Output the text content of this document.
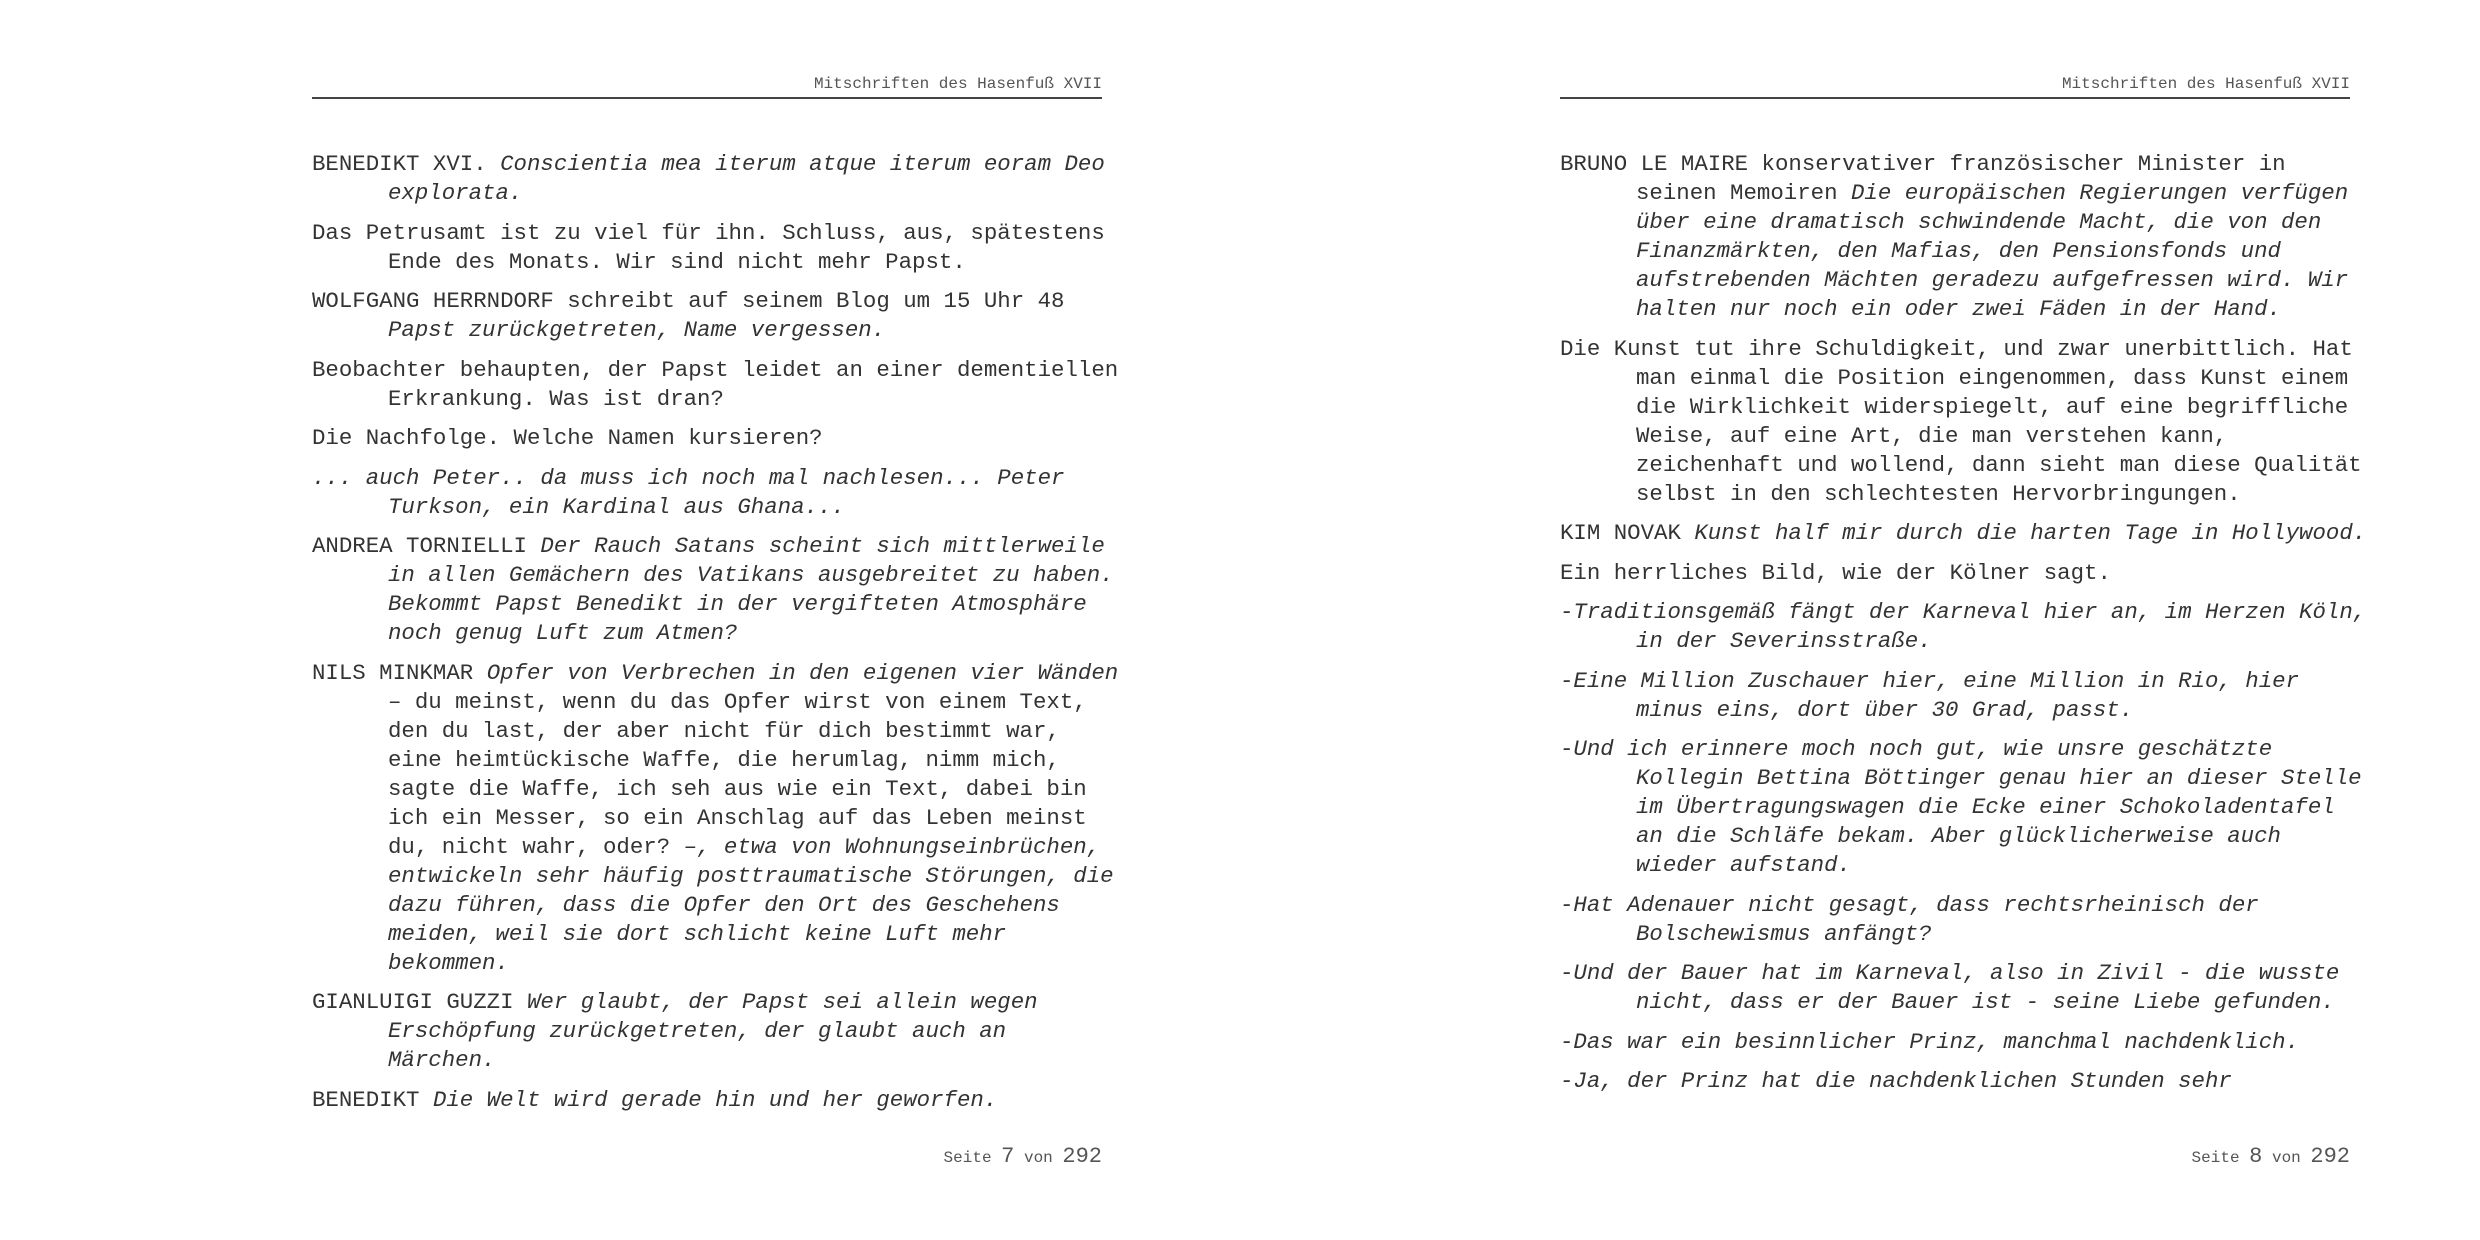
Mitschriften des Hasenfuß XVII
BENEDIKT XVI. Conscientia mea iterum atque iterum eoram Deo
explorata.
Das Petrusamt ist zu viel für ihn. Schluss, aus, spätestens
Ende des Monats. Wir sind nicht mehr Papst.
WOLFGANG HERRNDORF schreibt auf seinem Blog um 15 Uhr 48
Papst zurückgetreten, Name vergessen.
Beobachter behaupten, der Papst leidet an einer dementiellen
Erkrankung. Was ist dran?
Die Nachfolge. Welche Namen kursieren?
... auch Peter.. da muss ich noch mal nachlesen... Peter
Turkson, ein Kardinal aus Ghana...
ANDREA TORNIELLI Der Rauch Satans scheint sich mittlerweile
in allen Gemächern des Vatikans ausgebreitet zu haben.
Bekommt Papst Benedikt in der vergifteten Atmosphäre
noch genug Luft zum Atmen?
NILS MINKMAR Opfer von Verbrechen in den eigenen vier Wänden
– du meinst, wenn du das Opfer wirst von einem Text,
den du last, der aber nicht für dich bestimmt war,
eine heimtückische Waffe, die herumlag, nimm mich,
sagte die Waffe, ich seh aus wie ein Text, dabei bin
ich ein Messer, so ein Anschlag auf das Leben meinst
du, nicht wahr, oder? –, etwa von Wohnungseinbrüchen,
entwickeln sehr häufig posttraumatische Störungen, die
dazu führen, dass die Opfer den Ort des Geschehens
meiden, weil sie dort schlicht keine Luft mehr
bekommen.
GIANLUIGI GUZZI Wer glaubt, der Papst sei allein wegen
Erschöpfung zurückgetreten, der glaubt auch an
Märchen.
BENEDIKT Die Welt wird gerade hin und her geworfen.
Seite 7 von 292
Mitschriften des Hasenfuß XVII
BRUNO LE MAIRE konservativer französischer Minister in
seinen Memoiren Die europäischen Regierungen verfügen
über eine dramatisch schwindende Macht, die von den
Finanzmärkten, den Mafias, den Pensionsfonds und
aufstrebenden Mächten geradezu aufgefressen wird. Wir
halten nur noch ein oder zwei Fäden in der Hand.
Die Kunst tut ihre Schuldigkeit, und zwar unerbittlich. Hat
man einmal die Position eingenommen, dass Kunst einem
die Wirklichkeit widerspiegelt, auf eine begriffliche
Weise, auf eine Art, die man verstehen kann,
zeichenhaft und wollend, dann sieht man diese Qualität
selbst in den schlechtesten Hervorbringungen.
KIM NOVAK Kunst half mir durch die harten Tage in Hollywood.
Ein herrliches Bild, wie der Kölner sagt.
-Traditionsgemäß fängt der Karneval hier an, im Herzen Köln,
in der Severinsstraße.
-Eine Million Zuschauer hier, eine Million in Rio, hier
minus eins, dort über 30 Grad, passt.
-Und ich erinnere moch noch gut, wie unsre geschätzte
Kollegin Bettina Böttinger genau hier an dieser Stelle
im Übertragungswagen die Ecke einer Schokoladentafel
an die Schläfe bekam. Aber glücklicherweise auch
wieder aufstand.
-Hat Adenauer nicht gesagt, dass rechtsrheinisch der
Bolschewismus anfängt?
-Und der Bauer hat im Karneval, also in Zivil - die wusste
nicht, dass er der Bauer ist - seine Liebe gefunden.
-Das war ein besinnlicher Prinz, manchmal nachdenklich.
-Ja, der Prinz hat die nachdenklichen Stunden sehr
Seite 8 von 292
